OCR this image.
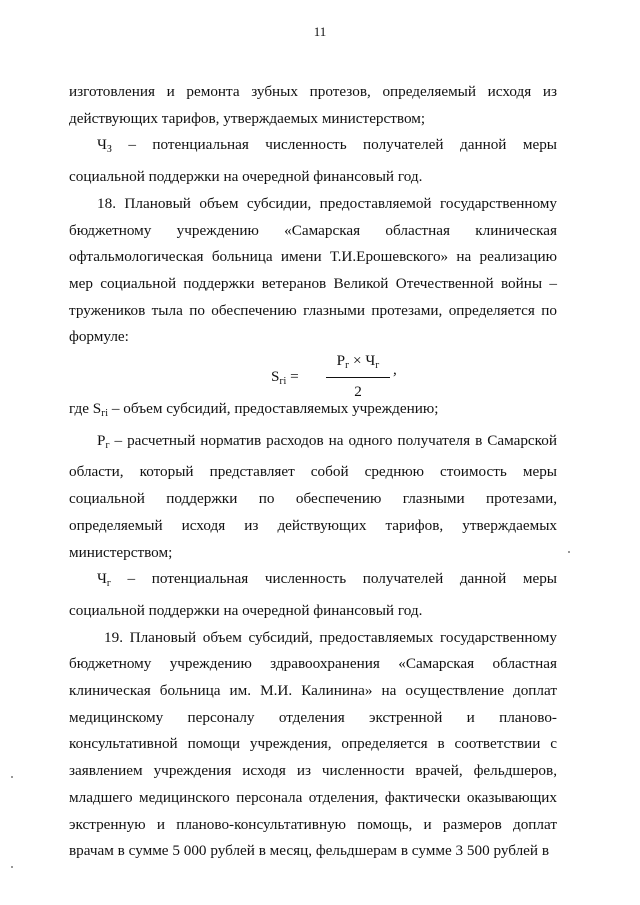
11

изготовления и ремонта зубных протезов, определяемый исходя из действующих тарифов, утверждаемых министерством;

$Ч_З$ – потенциальная численность получателей данной меры социальной поддержки на очередной финансовый год.

18. Плановый объем субсидии, предоставляемой государственному бюджетному учреждению «Самарская областная клиническая офтальмологическая больница имени Т.И.Ерошевского» на реализацию мер социальной поддержки ветеранов Великой Отечественной войны – тружеников тыла по обеспечению глазными протезами, определяется по формуле:

$S_{гi}$ =
$Р_г \times Ч_г$
2
,

где $S_{гi}$ – объем субсидий, предоставляемых учреждению;

$Р_г$ – расчетный норматив расходов на одного получателя в Самарской области, который представляет собой среднюю стоимость меры социальной поддержки по обеспечению глазными протезами, определяемый исходя из действующих тарифов, утверждаемых министерством;

$Ч_г$ – потенциальная численность получателей данной меры социальной поддержки на очередной финансовый год.

19. Плановый объем субсидий, предоставляемых государственному бюджетному учреждению здравоохранения «Самарская областная клиническая больница им. М.И. Калинина» на осуществление доплат медицинскому персоналу отделения экстренной и планово-консультативной помощи учреждения, определяется в соответствии с заявлением учреждения исходя из численности врачей, фельдшеров, младшего медицинского персонала отделения, фактически оказывающих экстренную и планово-консультативную помощь, и размеров доплат врачам в сумме 5 000 рублей в месяц, фельдшерам в сумме 3 500 рублей в
